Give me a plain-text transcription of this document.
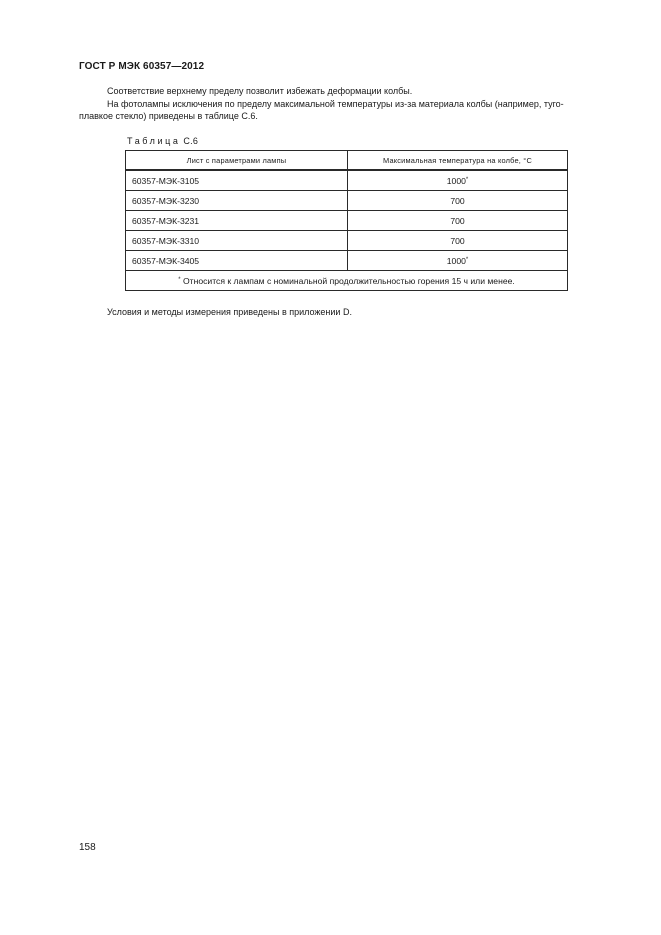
ГОСТ Р МЭК 60357—2012
Соответствие верхнему пределу позволит избежать деформации колбы.
На фотолампы исключения по пределу максимальной температуры из-за материала колбы (например, туго-
плавкое стекло) приведены в таблице С.6.
Таблица С.6
Лист с параметрами лампы	Максимальная температура на колбе, °С
60357-МЭК-3105	1000*
60357-МЭК-3230	700
60357-МЭК-3231	700
60357-МЭК-3310	700
60357-МЭК-3405	1000*
* Относится к лампам с номинальной продолжительностью горения 15 ч или менее.	
Условия и методы измерения приведены в приложении D.
158
